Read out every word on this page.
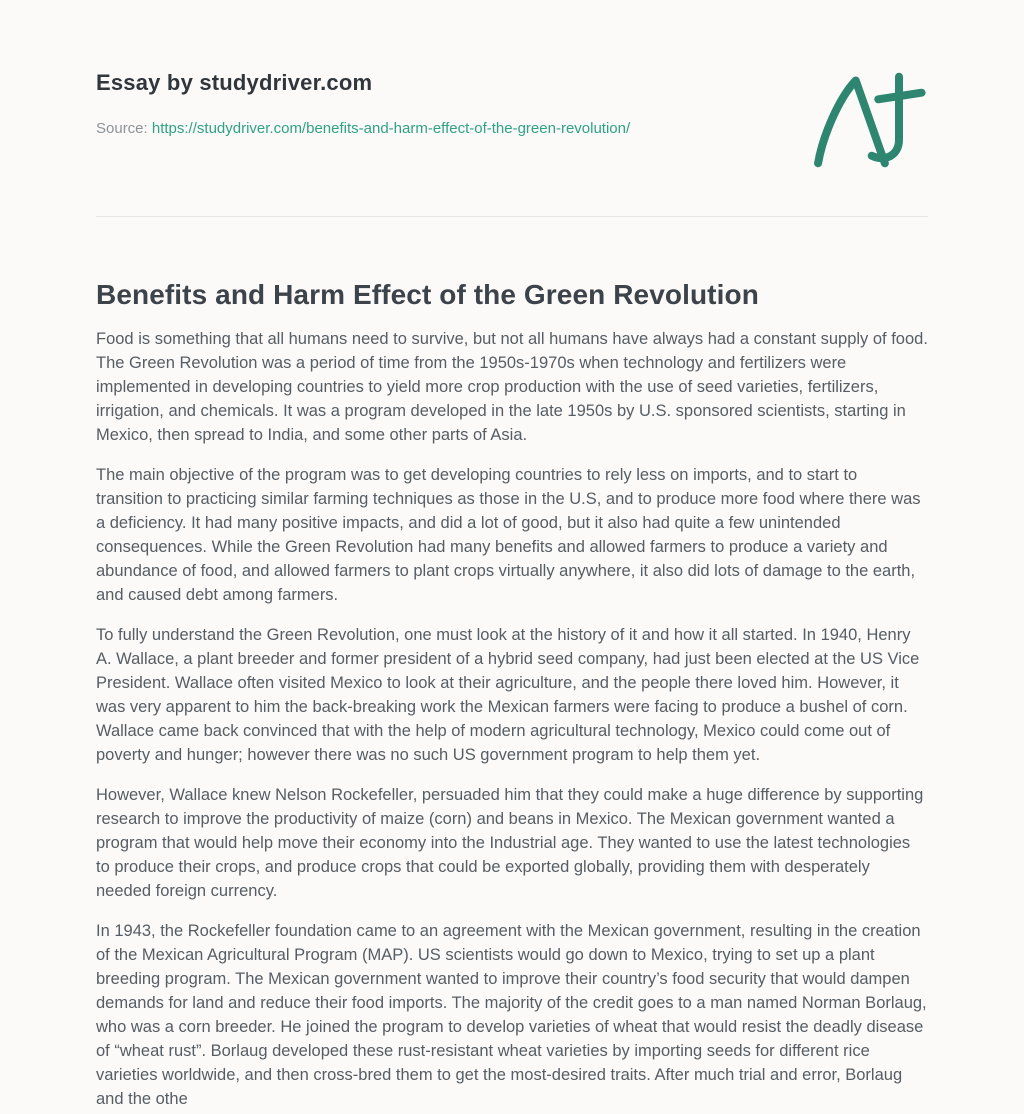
Essay by studydriver.com
Source: https://studydriver.com/benefits-and-harm-effect-of-the-green-revolution/
Benefits and Harm Effect of the Green Revolution

Food is something that all humans need to survive, but not all humans have always had a constant supply of food. The Green Revolution was a period of time from the 1950s-1970s when technology and fertilizers were implemented in developing countries to yield more crop production with the use of seed varieties, fertilizers, irrigation, and chemicals. It was a program developed in the late 1950s by U.S. sponsored scientists, starting in Mexico, then spread to India, and some other parts of Asia.

The main objective of the program was to get developing countries to rely less on imports, and to start to transition to practicing similar farming techniques as those in the U.S, and to produce more food where there was a deficiency. It had many positive impacts, and did a lot of good, but it also had quite a few unintended consequences. While the Green Revolution had many benefits and allowed farmers to produce a variety and abundance of food, and allowed farmers to plant crops virtually anywhere, it also did lots of damage to the earth, and caused debt among farmers.

To fully understand the Green Revolution, one must look at the history of it and how it all started. In 1940, Henry A. Wallace, a plant breeder and former president of a hybrid seed company, had just been elected at the US Vice President. Wallace often visited Mexico to look at their agriculture, and the people there loved him. However, it was very apparent to him the back-breaking work the Mexican farmers were facing to produce a bushel of corn. Wallace came back convinced that with the help of modern agricultural technology, Mexico could come out of poverty and hunger; however there was no such US government program to help them yet.

However, Wallace knew Nelson Rockefeller, persuaded him that they could make a huge difference by supporting research to improve the productivity of maize (corn) and beans in Mexico. The Mexican government wanted a program that would help move their economy into the Industrial age. They wanted to use the latest technologies to produce their crops, and produce crops that could be exported globally, providing them with desperately needed foreign currency.

In 1943, the Rockefeller foundation came to an agreement with the Mexican government, resulting in the creation of the Mexican Agricultural Program (MAP). US scientists would go down to Mexico, trying to set up a plant breeding program. The Mexican government wanted to improve their country’s food security that would dampen demands for land and reduce their food imports. The majority of the credit goes to a man named Norman Borlaug, who was a corn breeder. He joined the program to develop varieties of wheat that would resist the deadly disease of “wheat rust”. Borlaug developed these rust-resistant wheat varieties by importing seeds for different rice varieties worldwide, and then cross-bred them to get the most-desired traits. After much trial and error, Borlaug and the othe
